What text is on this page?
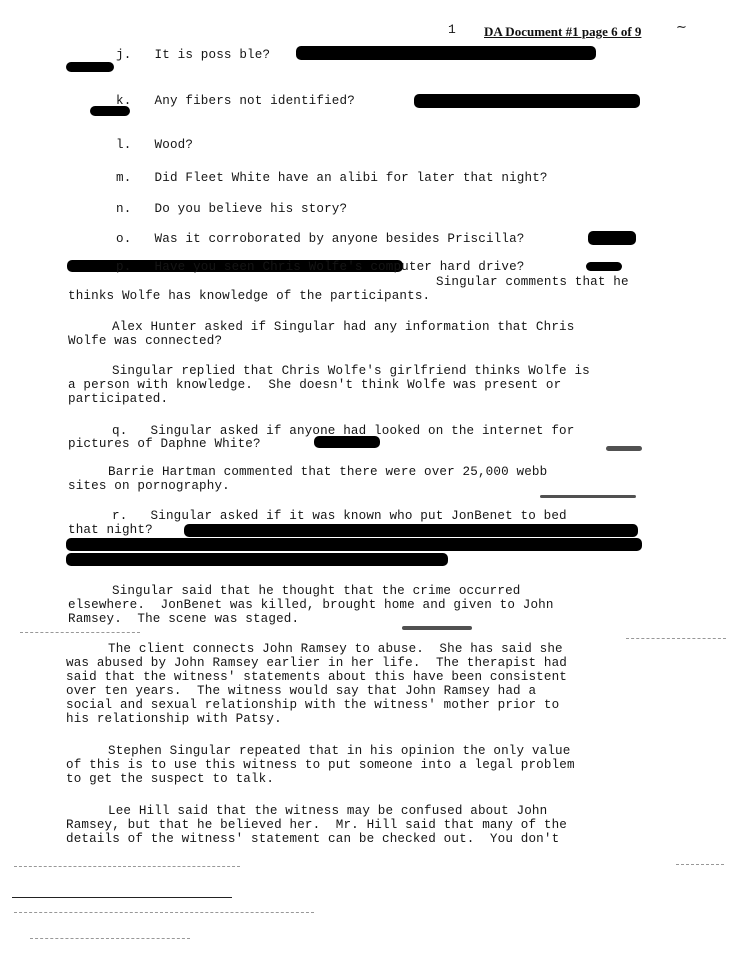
1 DA Document #1 page 6 of 9	∼
j.   It is poss ble?
k.   Any fibers not identified?
l.   Wood?
m.   Did Fleet White have an alibi for later that night?
n.   Do you believe his story?
o.   Was it corroborated by anyone besides Priscilla?
p.   Have you seen Chris Wolfe's computer hard drive?
Singular comments that he
thinks Wolfe has knowledge of the participants.
Alex Hunter asked if Singular had any information that Chris
Wolfe was connected?
Singular replied that Chris Wolfe's girlfriend thinks Wolfe is
a person with knowledge.  She doesn't think Wolfe was present or
participated.
q.   Singular asked if anyone had looked on the internet for
pictures of Daphne White?
Barrie Hartman commented that there were over 25,000 webb
sites on pornography.
r.   Singular asked if it was known who put JonBenet to bed
that night?
Singular said that he thought that the crime occurred
elsewhere.  JonBenet was killed, brought home and given to John
Ramsey.  The scene was staged.
The client connects John Ramsey to abuse.  She has said she
was abused by John Ramsey earlier in her life.  The therapist had
said that the witness' statements about this have been consistent
over ten years.  The witness would say that John Ramsey had a
social and sexual relationship with the witness' mother prior to
his relationship with Patsy.
Stephen Singular repeated that in his opinion the only value
of this is to use this witness to put someone into a legal problem
to get the suspect to talk.
Lee Hill said that the witness may be confused about John
Ramsey, but that he believed her.  Mr. Hill said that many of the
details of the witness' statement can be checked out.  You don't
